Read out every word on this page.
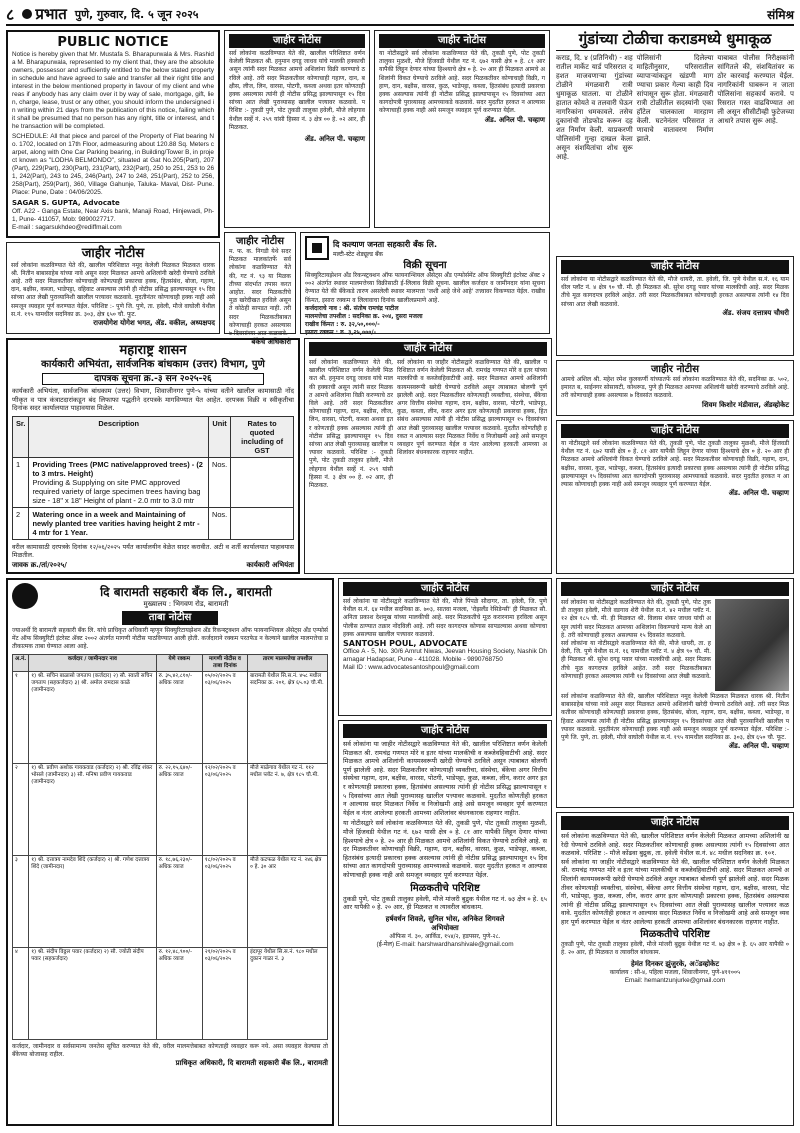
८ प्रभात पुणे, गुरुवार, दि. ५ जून २०२५	संमिश्र
PUBLIC NOTICE
Notice is hereby given that Mr. Mustafa S. Bharapurwala & Mrs. Rashida M. Bharapurwala, represented to my client that, they are the absolute owners, possessor and sufficiently entitled to the below stated property in schedule and have agreed to sale and transfer all their right title and interest in the below mentioned property in favour of my client and whereas if anybody has any claim over it by way of sale, mortgage, gift, lien, charge, lease, trust or any other, you should inform the undersigned in writing within 21 days from the publication of this notice, failing which it shall be presumed that no person has any right, title or interest, and the transaction will be completed.
SCHEDULE: All that piece and parcel of the Property of Flat bearing No. 1702, located on 17th Floor, admeasuring about 120.88 Sq. Meters carpet, along with One Car Parking bearing, in Building/Tower B, in project known as "LODHA BELMONDO", situated at Gat No.205(Part), 207(Part), 229(Part), 230(Part), 231(Part), 232(Part), 250 to 251, 253 to 261, 242(Part), 243 to 245, 246(Part), 247 to 248, 251(Part), 252 to 256, 258(Part), 259(Part), 360, Village Gahunje, Taluka- Maval, Dist- Pune. Place: Pune, Date : 04/06/2025.
SAGAR S. GUPTA, Advocate
Off. A22 - Ganga Estate, Near Axis bank, Manaji Road, Hinjewadi, Ph-1, Pune- 411057, Mob: 9890027717.
E-mail : sagarsukhdeo@rediffmail.com
जाहीर नोटीस
सर्व लोकांना कळविण्यात येते की, खालील परिशिष्टात नमूद केलेली मिळकत मिळकत धारक श्री. नितीन बाबासाहेब यांच्या नावे असून सदर मिळकत आमचे अशिलांनी खरेदी घेण्याचे ठरविले आहे. तरी सदर मिळकतीवर कोणाचाही कोणत्याही प्रकारचा हक्क, हितसंबंध, बोजा, गहाण, दान, बक्षीस, कब्जा, भाडेपट्टा, वहिवाट असल्यास त्यांनी ही नोटीस प्रसिद्ध झाल्यापासून १५ दिवसांच्या आत लेखी पुराव्यानिशी खालील पत्त्यावर कळवावे. मुदतीनंतर कोणाचाही हक्क नाही असे समजून व्यवहार पूर्ण करण्यात येईल. परिशिष्ट :- पुणे जि. पुणे, ता. हवेली, मौजे वाघोली येथील स.नं. १९५ यामधील सदनिका क्र. ३०३, क्षेत्र ६५० चौ. फूट.
राजयोगेश योगेश भगत, ॲड. वकील, अध्यक्षपद
जाहीर नोटीस
सर्व लोकांना कळविण्यात येते की, खालील परिशिष्टात वर्णन केलेली मिळकत श्री. हनुमान दगडू जाधव यांचे मालकी हक्काची असून त्यांनी सदर मिळकत आमचे अशिलांना विक्री करण्याचे ठरविले आहे. तरी सदर मिळकतीवर कोणाचाही गहाण, दान, बक्षीस, लीज, लिन, वारसा, पोटगी, कब्जा अथवा इतर कोणताही हक्क असल्यास त्यांनी ही नोटीस प्रसिद्ध झाल्यापासून १५ दिवसांच्या आत लेखी पुराव्यासह खालील पत्त्यावर कळवावे. परिशिष्ट :- तुकडी पुणे, पोट तुकडी तालुका हवेली, मौजे लोहगाव येथील सर्व्हे नं. २५९ यांसी हिस्सा नं. ३ क्षेत्र ०० हे. ०२ आर, ही मिळकत.
ॲड. अनिल पी. चव्हाण
जाहीर नोटीस
या नोटीसद्वारे सर्व लोकांना कळविण्यात येते की, तुकडी पुणे, पोट तुकडी तालुका मुळशी, मौजे हिंजवडी येथील गट नं. ६७२ यासी क्षेत्र ० हे. ८१ आर यापैकी लिहून देणार यांच्या हिश्श्याचे क्षेत्र ० हे. २० आर ही मिळकत आमचे अशिलांनी विकत घेण्याचे ठरविले आहे. सदर मिळकतीवर कोणाचाही विक्री, गहाण, दान, बक्षीस, वारसा, कुळ, भाडेपट्टा, कब्जा, हितसंबंध इत्यादी प्रकारचा हक्क असल्यास त्यांनी ही नोटीस प्रसिद्ध झाल्यापासून १५ दिवसांच्या आत कागदोपत्री पुराव्यासह आमच्याकडे कळवावे. सदर मुदतीत हरकत न आल्यास कोणाचाही हक्क नाही असे समजून व्यवहार पूर्ण करण्यात येईल.
ॲड. अनिल पी. चव्हाण
जाहीर नोटीस
म. फ. क. निगडी येथे सदर मिळकत मालकांतर्फे सर्व लोकांना कळविण्यात येते की, गट नं. ९३ या मिळकतीच्या संदर्भात तपास करत आहोत. सदर मिळकतीचे मूळ खरेदीखत हरविले असून ते कोठेही सापडत नाही. तरी सदर मिळकतीबाबत कोणाचाही हरकत असल्यास ७ दिवसांच्या आत कळवावे.
बँकेचे अधिकारी
दि कल्याण जनता सहकारी बँक लि.
मल्टी-स्टेट शेड्यूल्ड बँक
विक्री सूचना
सिक्युरिटायझेशन अँड रिकन्स्ट्रक्शन ऑफ फायनान्शियल ॲसेट्स अँड एन्फोर्समेंट ऑफ सिक्युरिटी इंटरेस्ट ॲक्ट २००२ अंतर्गत स्थावर मालमत्तेच्या विक्रीसाठी ई-लिलाव विक्री सूचना. खालील कर्जदार व जामीनदार यांना सूचना देण्यात येते की बँकेकडे तारण असलेली स्थावर मालमत्ता 'जशी आहे जेथे आहे' तत्त्वावर विकण्यात येईल. राखीव किंमत, इसारा रक्कम व लिलावाचा दिनांक खालीलप्रमाणे आहे.
कर्जदाराचे नाव : श्री. संतोष रामचंद्र पाटील
मालमत्तेचा तपशील : सदनिका क्र. २०४, दुसरा मजला
राखीव किंमत : रु. ३२,५०,०००/-
इसारा रक्कम : रु. ३,२५,०००/-
गुंडांच्या टोळीचा कराडमध्ये धुमाकूळ
कराड, दि. ४ (प्रतिनिधी) - शहरातील मार्केट यार्ड परिसरात दहशत माजवणाऱ्या गुंडांच्या टोळीने मंगळवारी रात्री धुमाकूळ घातला. या टोळीने हातात कोयते व तलवारी घेऊन नागरिकांना धमकावले. तसेच दुकानांची तोडफोड करून दहशत निर्माण केली. याप्रकरणी पोलिसांनी गुन्हा दाखल केला असून संशयितांचा शोध सुरू आहे.
पोलिसांनी दिलेल्या माहितीनुसार, परिसरातील व्यापाऱ्यांकडून खंडणी मागण्याचा प्रकार गेल्या काही दिवसांपासून सुरू होता. मंगळवारी रात्री टोळीतील सदस्यांनी एका हॉटेल चालकाला मारहाण केली. घटनेनंतर परिसरात तणावाचे वातावरण निर्माण झाले.
याबाबत पोलीस निरीक्षकांनी सांगितले की, संशयितांवर कठोर कारवाई करण्यात येईल. नागरिकांनी घाबरून न जाता पोलिसांना सहकार्य करावे. परिसरात गस्त वाढविण्यात आली असून सीसीटीव्ही फुटेजच्या आधारे तपास सुरू आहे.
जाहीर नोटीस
सर्व लोकांना या नोटीसद्वारे कळविण्यात येते की, मौजे धायरी, ता. हवेली, जि. पुणे येथील स.नं. १६ यामधील प्लॉट नं. ४ क्षेत्र ९० चौ. मी. ही मिळकत श्री. सुरेश दगडू पवार यांच्या मालकीची आहे. सदर मिळकतीचे मूळ कागदपत्र हरविले आहेत. तरी सदर मिळकतीबाबत कोणाचाही हरकत असल्यास त्यांनी १४ दिवसांच्या आत लेखी कळवावे.
ॲड. संजय दत्तात्रय चौधरी
जाहीर नोटीस
आमचे अशिल श्री. महेश रमेश कुलकर्णी यांच्यातर्फे सर्व लोकांना कळविण्यात येते की, सदनिका क्र. ५०२, इमारत ब, साईनगर सोसायटी, कोथरूड, पुणे ही मिळकत आमच्या अशिलांनी खरेदी करण्याचे ठरविले आहे. तरी कोणाचाही हक्क असल्यास ७ दिवसांत कळवावे.
शिवम किशोर मंडीवाल, ॲडव्होकेट
महाराष्ट्र शासन
कार्यकारी अभियंता, सार्वजनिक बांधकाम (उत्तर) विभाग, पुणे
दापत्रक सूचना क्र.-३ सन २०२५-२६
कार्यकारी अभियंता, सार्वजनिक बांधकाम (उत्तर) विभाग, शिवाजीनगर पुणे-५ यांच्या वतीने खालील कामासाठी नोंदणीकृत व पात्र कंत्राटदारांकडून बंद लिफाफा पद्धतीने दरपत्रके मागविण्यात येत आहेत. दरपत्रक विक्री व स्वीकृतीचा दिनांक सदर कार्यालयात पाहावयास मिळेल.
Sr.	Description	Unit	Rates to quoted including of GST
1	Providing Trees (PMC native/approved trees) - (2 to 3 mtrs. Height)
Providing & Supplying on site PMC approved required variety of large specimen trees having bag size - 18" x 18" Height of plant - 2.0 mtr to 3.0 mtr	Nos.	
2	Watering once in a week and Maintaining of newly planted tree varities having height 2 mtr - 4 mtr for 1 Year.	Nos.	
वरील कामासाठी दरपत्रके दिनांक १२/०६/२०२५ पर्यंत कार्यालयीन वेळेत सादर करावीत. अटी व शर्ती कार्यालयात पाहावयास मिळतील.
जावक क्र./तां/२०२५/	कार्यकारी अभियंता
जाहीर नोटीस
सर्व लोकांना कळविण्यात येते की, खालील परिशिष्टात वर्णन केलेली मिळकत श्री. हनुमान दगडू जाधव यांचे मालकी हक्काची असून त्यांनी सदर मिळकत आमचे अशिलांना विक्री करण्याचे ठरविले आहे. तरी सदर मिळकतीवर कोणाचाही गहाण, दान, बक्षीस, लीज, लिन, वारसा, पोटगी, कब्जा अथवा इतर कोणताही हक्क असल्यास त्यांनी ही नोटीस प्रसिद्ध झाल्यापासून १५ दिवसांच्या आत लेखी पुराव्यासह खालील पत्त्यावर कळवावे. परिशिष्ट :- तुकडी पुणे, पोट तुकडी तालुका हवेली, मौजे लोहगाव येथील सर्व्हे नं. २५९ यांसी हिस्सा नं. ३ क्षेत्र ०० हे. ०२ आर, ही मिळकत.
सर्व लोकांना या जाहीर नोटीसद्वारे कळविण्यात येते की, खालील परिशिष्टात वर्णन केलेली मिळकत श्री. रामचंद्र गणपत मोरे व इतर यांच्या मालकीची व कब्जेवहिवाटीची आहे. सदर मिळकत आमचे अशिलांनी कायमस्वरूपी खरेदी घेण्याचे ठरविले असून त्याबाबत बोलणी पूर्ण झालेली आहे. सदर मिळकतीवर कोणत्याही व्यक्तीचा, संस्थेचा, बँकेचा अगर वित्तीय संस्थेचा गहाण, दान, बक्षीस, वारसा, पोटगी, भाडेपट्टा, कुळ, कब्जा, लीन, करार अगर इतर कोणत्याही प्रकारचा हक्क, हितसंबंध असल्यास त्यांनी ही नोटीस प्रसिद्ध झाल्यापासून १५ दिवसांच्या आत लेखी पुराव्यासह खालील पत्त्यावर कळवावे. मुदतीत कोणतीही हरकत न आल्यास सदर मिळकत निर्वेध व निजोखमी आहे असे समजून व्यवहार पूर्ण करण्यात येईल व नंतर आलेल्या हरकती आमच्या अशिलांवर बंधनकारक राहणार नाहीत.
जाहीर नोटीस
या नोटीसद्वारे सर्व लोकांना कळविण्यात येते की, तुकडी पुणे, पोट तुकडी तालुका मुळशी, मौजे हिंजवडी येथील गट नं. ६७२ यासी क्षेत्र ० हे. ८१ आर यापैकी लिहून देणार यांच्या हिश्श्याचे क्षेत्र ० हे. २० आर ही मिळकत आमचे अशिलांनी विकत घेण्याचे ठरविले आहे. सदर मिळकतीवर कोणाचाही विक्री, गहाण, दान, बक्षीस, वारसा, कुळ, भाडेपट्टा, कब्जा, हितसंबंध इत्यादी प्रकारचा हक्क असल्यास त्यांनी ही नोटीस प्रसिद्ध झाल्यापासून १५ दिवसांच्या आत कागदोपत्री पुराव्यासह आमच्याकडे कळवावे. सदर मुदतीत हरकत न आल्यास कोणाचाही हक्क नाही असे समजून व्यवहार पूर्ण करण्यात येईल.
ॲड. अनिल पी. चव्हाण
दि बारामती सहकारी बँक लि., बारामती
मुख्यालय : भिगवण रोड, बारामती
ताबा नोटीस
ज्याअर्थी दि बारामती सहकारी बँक लि. यांचे प्राधिकृत अधिकारी म्हणून सिक्युरिटायझेशन अँड रिकन्स्ट्रक्शन ऑफ फायनान्शियल ॲसेट्स अँड एन्फोर्समेंट ऑफ सिक्युरिटी इंटरेस्ट ॲक्ट २००२ अंतर्गत मागणी नोटीस पाठविण्यात आली होती. कर्जदाराने रक्कम परतफेड न केल्याने खालील मालमत्तेचा प्रतीकात्मक ताबा घेण्यात आला आहे.
अ.नं.	कर्जदार / जामीनदार नाव	येणे रक्कम	मागणी नोटीस व ताबा दिनांक	तारण मालमत्तेचा तपशील
१	१) श्री. सचिन बाळासो जगताप (कर्जदार) २) सौ. स्वाती सचिन जगताप (सहकर्जदार) ३) श्री. अमोल रामदास काळे (जामीनदार)	रु. ३५,४२,८१०/- अधिक व्याज	०५/०२/२०२५ व ०३/०६/२०२५	बारामती येथील सि.स.नं. ४५८ मधील सदनिका क्र. २०१, क्षेत्र ६५.०३ चौ.मी.
२	१) श्री. प्रवीण अशोक गायकवाड (कर्जदार) २) श्री. रविंद्र शंकर भोसले (जामीनदार) ३) सौ. मनिषा प्रवीण गायकवाड (जामीनदार)	रु. २२,१५,६४०/- अधिक व्याज	१२/०२/२०२५ व ०३/०६/२०२५	मौजे माळेगाव येथील गट नं. ११२ मधील प्लॉट नं. ७, क्षेत्र १८५ चौ.मी.
३	१) श्री. दत्तात्रय नामदेव शिंदे (कर्जदार) २) श्री. गणेश दत्तात्रय शिंदे (जामीनदार)	रु. १८,७६,२३०/- अधिक व्याज	१८/०२/२०२५ व ०३/०६/२०२५	मौजे कटफळ येथील गट नं. २४६ क्षेत्र ० हे. ३० आर
४	१) श्री. संदीप विठ्ठल पवार (कर्जदार) २) सौ. ज्योती संदीप पवार (सहकर्जदार)	रु. १२,४८,९००/- अधिक व्याज	२१/०२/२०२५ व ०३/०६/२०२५	इंदापूर येथील सि.स.नं. ९८० मधील दुकान गाळा नं. ३
कर्जदार, जामीनदार व सर्वसामान्य जनतेस सूचित करण्यात येते की, वरील मालमत्तेबाबत कोणताही व्यवहार करू नये. असा व्यवहार केल्यास तो बँकेच्या बोजासह राहील.
प्राधिकृत अधिकारी, दि बारामती सहकारी बँक लि., बारामती
जाहीर नोटीस
सर्व लोकांना या नोटीसद्वारे कळविण्यात येते की, मौजे पिंपळे सौदागर, ता. हवेली, जि. पुणे येथील स.नं. ६४ मधील सदनिका क्र. ७०३, सातवा मजला, 'रोझलँड रेसिडेन्सी' ही मिळकत सौ. अनिता प्रकाश देशमुख यांच्या मालकीची आहे. सदर मिळकतीचे मूळ करारनामा हरविला असून पोलीस ठाण्यात तक्रार नोंदविली आहे. तरी सदर कागदपत्र कोणास सापडल्यास अथवा कोणाचा हक्क असल्यास खालील पत्त्यावर कळवावे.
SANTOSH POUL, ADVOCATE
Office A - 5, No. 30/6 Amrut Niwas, Jeevan Housing Society, Nashik Dharnagar Hadapsar, Pune - 411028. Mobile - 9890768750
Mail ID : www.advocatesantoshpoul@gmail.com
जाहीर नोटीस
सर्व लोकांना या जाहीर नोटीसद्वारे कळविण्यात येते की, खालील परिशिष्टात वर्णन केलेली मिळकत श्री. रामचंद्र गणपत मोरे व इतर यांच्या मालकीची व कब्जेवहिवाटीची आहे. सदर मिळकत आमचे अशिलांनी कायमस्वरूपी खरेदी घेण्याचे ठरविले असून त्याबाबत बोलणी पूर्ण झालेली आहे. सदर मिळकतीवर कोणत्याही व्यक्तीचा, संस्थेचा, बँकेचा अगर वित्तीय संस्थेचा गहाण, दान, बक्षीस, वारसा, पोटगी, भाडेपट्टा, कुळ, कब्जा, लीन, करार अगर इतर कोणत्याही प्रकारचा हक्क, हितसंबंध असल्यास त्यांनी ही नोटीस प्रसिद्ध झाल्यापासून १५ दिवसांच्या आत लेखी पुराव्यासह खालील पत्त्यावर कळवावे. मुदतीत कोणतीही हरकत न आल्यास सदर मिळकत निर्वेध व निजोखमी आहे असे समजून व्यवहार पूर्ण करण्यात येईल व नंतर आलेल्या हरकती आमच्या अशिलांवर बंधनकारक राहणार नाहीत.
या नोटीसद्वारे सर्व लोकांना कळविण्यात येते की, तुकडी पुणे, पोट तुकडी तालुका मुळशी, मौजे हिंजवडी येथील गट नं. ६७२ यासी क्षेत्र ० हे. ८१ आर यापैकी लिहून देणार यांच्या हिश्श्याचे क्षेत्र ० हे. २० आर ही मिळकत आमचे अशिलांनी विकत घेण्याचे ठरविले आहे. सदर मिळकतीवर कोणाचाही विक्री, गहाण, दान, बक्षीस, वारसा, कुळ, भाडेपट्टा, कब्जा, हितसंबंध इत्यादी प्रकारचा हक्क असल्यास त्यांनी ही नोटीस प्रसिद्ध झाल्यापासून १५ दिवसांच्या आत कागदोपत्री पुराव्यासह आमच्याकडे कळवावे. सदर मुदतीत हरकत न आल्यास कोणाचाही हक्क नाही असे समजून व्यवहार पूर्ण करण्यात येईल.
मिळकतीचे परिशिष्ट
तुकडी पुणे, पोट तुकडी तालुका हवेली, मौजे मांजरी बुद्रुक येथील गट नं. ७३ क्षेत्र ० हे. ६५ आर यापैकी ० हे. २० आर, ही मिळकत व त्यावरील बांधकाम.
हर्षवर्धन शिवले, सुनिल भोस, अनिकेत शिगवले
अभियोक्ता
ऑफिस नं. ३०, आर्किड, १५४/२, हडपसर, पुणे-२८.
(ई-मेल) E-mail: harshwardhanshivale@gmail.com
जाहीर नोटीस
सर्व लोकांना या नोटीसद्वारे कळविण्यात येते की, तुकडी पुणे, पोट तुकडी तालुका हवेली, मौजे वडगाव शेरी येथील स.नं. ४२ मधील प्लॉट नं. १२ क्षेत्र १८५ चौ. मी. ही मिळकत श्री. विलास शंकर जाधव यांची असून त्यांनी सदर मिळकत आमच्या अशिलांना विकण्याचे मान्य केले आहे. तरी कोणाचाही हरकत असल्यास १५ दिवसांत कळवावे.
सर्व लोकांना या नोटीसद्वारे कळविण्यात येते की, मौजे धायरी, ता. हवेली, जि. पुणे येथील स.नं. १६ यामधील प्लॉट नं. ४ क्षेत्र ९० चौ. मी. ही मिळकत श्री. सुरेश दगडू पवार यांच्या मालकीची आहे. सदर मिळकतीचे मूळ कागदपत्र हरविले आहेत. तरी सदर मिळकतीबाबत कोणाचाही हरकत असल्यास त्यांनी १४ दिवसांच्या आत लेखी कळवावे.
सर्व लोकांना कळविण्यात येते की, खालील परिशिष्टात नमूद केलेली मिळकत मिळकत धारक श्री. नितीन बाबासाहेब यांच्या नावे असून सदर मिळकत आमचे अशिलांनी खरेदी घेण्याचे ठरविले आहे. तरी सदर मिळकतीवर कोणाचाही कोणत्याही प्रकारचा हक्क, हितसंबंध, बोजा, गहाण, दान, बक्षीस, कब्जा, भाडेपट्टा, वहिवाट असल्यास त्यांनी ही नोटीस प्रसिद्ध झाल्यापासून १५ दिवसांच्या आत लेखी पुराव्यानिशी खालील पत्त्यावर कळवावे. मुदतीनंतर कोणाचाही हक्क नाही असे समजून व्यवहार पूर्ण करण्यात येईल. परिशिष्ट :- पुणे जि. पुणे, ता. हवेली, मौजे वाघोली येथील स.नं. १९५ यामधील सदनिका क्र. ३०३, क्षेत्र ६५० चौ. फूट.
ॲड. अनिल पी. चव्हाण
जाहीर नोटीस
सर्व लोकांना कळविण्यात येते की, खालील परिशिष्टात वर्णन केलेली मिळकत आमच्या अशिलांनी खरेदी घेण्याचे ठरविले आहे. सदर मिळकतीवर कोणाचाही हक्क असल्यास त्यांनी १५ दिवसांच्या आत कळवावे. परिशिष्ट :- मौजे कोंढवा बुद्रुक, ता. हवेली येथील स.नं. ४८ मधील सदनिका क्र. १०१.
सर्व लोकांना या जाहीर नोटीसद्वारे कळविण्यात येते की, खालील परिशिष्टात वर्णन केलेली मिळकत श्री. रामचंद्र गणपत मोरे व इतर यांच्या मालकीची व कब्जेवहिवाटीची आहे. सदर मिळकत आमचे अशिलांनी कायमस्वरूपी खरेदी घेण्याचे ठरविले असून त्याबाबत बोलणी पूर्ण झालेली आहे. सदर मिळकतीवर कोणत्याही व्यक्तीचा, संस्थेचा, बँकेचा अगर वित्तीय संस्थेचा गहाण, दान, बक्षीस, वारसा, पोटगी, भाडेपट्टा, कुळ, कब्जा, लीन, करार अगर इतर कोणत्याही प्रकारचा हक्क, हितसंबंध असल्यास त्यांनी ही नोटीस प्रसिद्ध झाल्यापासून १५ दिवसांच्या आत लेखी पुराव्यासह खालील पत्त्यावर कळवावे. मुदतीत कोणतीही हरकत न आल्यास सदर मिळकत निर्वेध व निजोखमी आहे असे समजून व्यवहार पूर्ण करण्यात येईल व नंतर आलेल्या हरकती आमच्या अशिलांवर बंधनकारक राहणार नाहीत.
मिळकतीचे परिशिष्ट
तुकडी पुणे, पोट तुकडी तालुका हवेली, मौजे मांजरी बुद्रुक येथील गट नं. ७३ क्षेत्र ० हे. ६५ आर यापैकी ० हे. २० आर, ही मिळकत व त्यावरील बांधकाम.
हेमंत दिनकर झुंजुरके, अॅडव्होकेट
कार्यालय : सी-४, पहिला मजला, शिवाजीनगर, पुणे-४११००५
Email: hemantzunjurke@gmail.com
